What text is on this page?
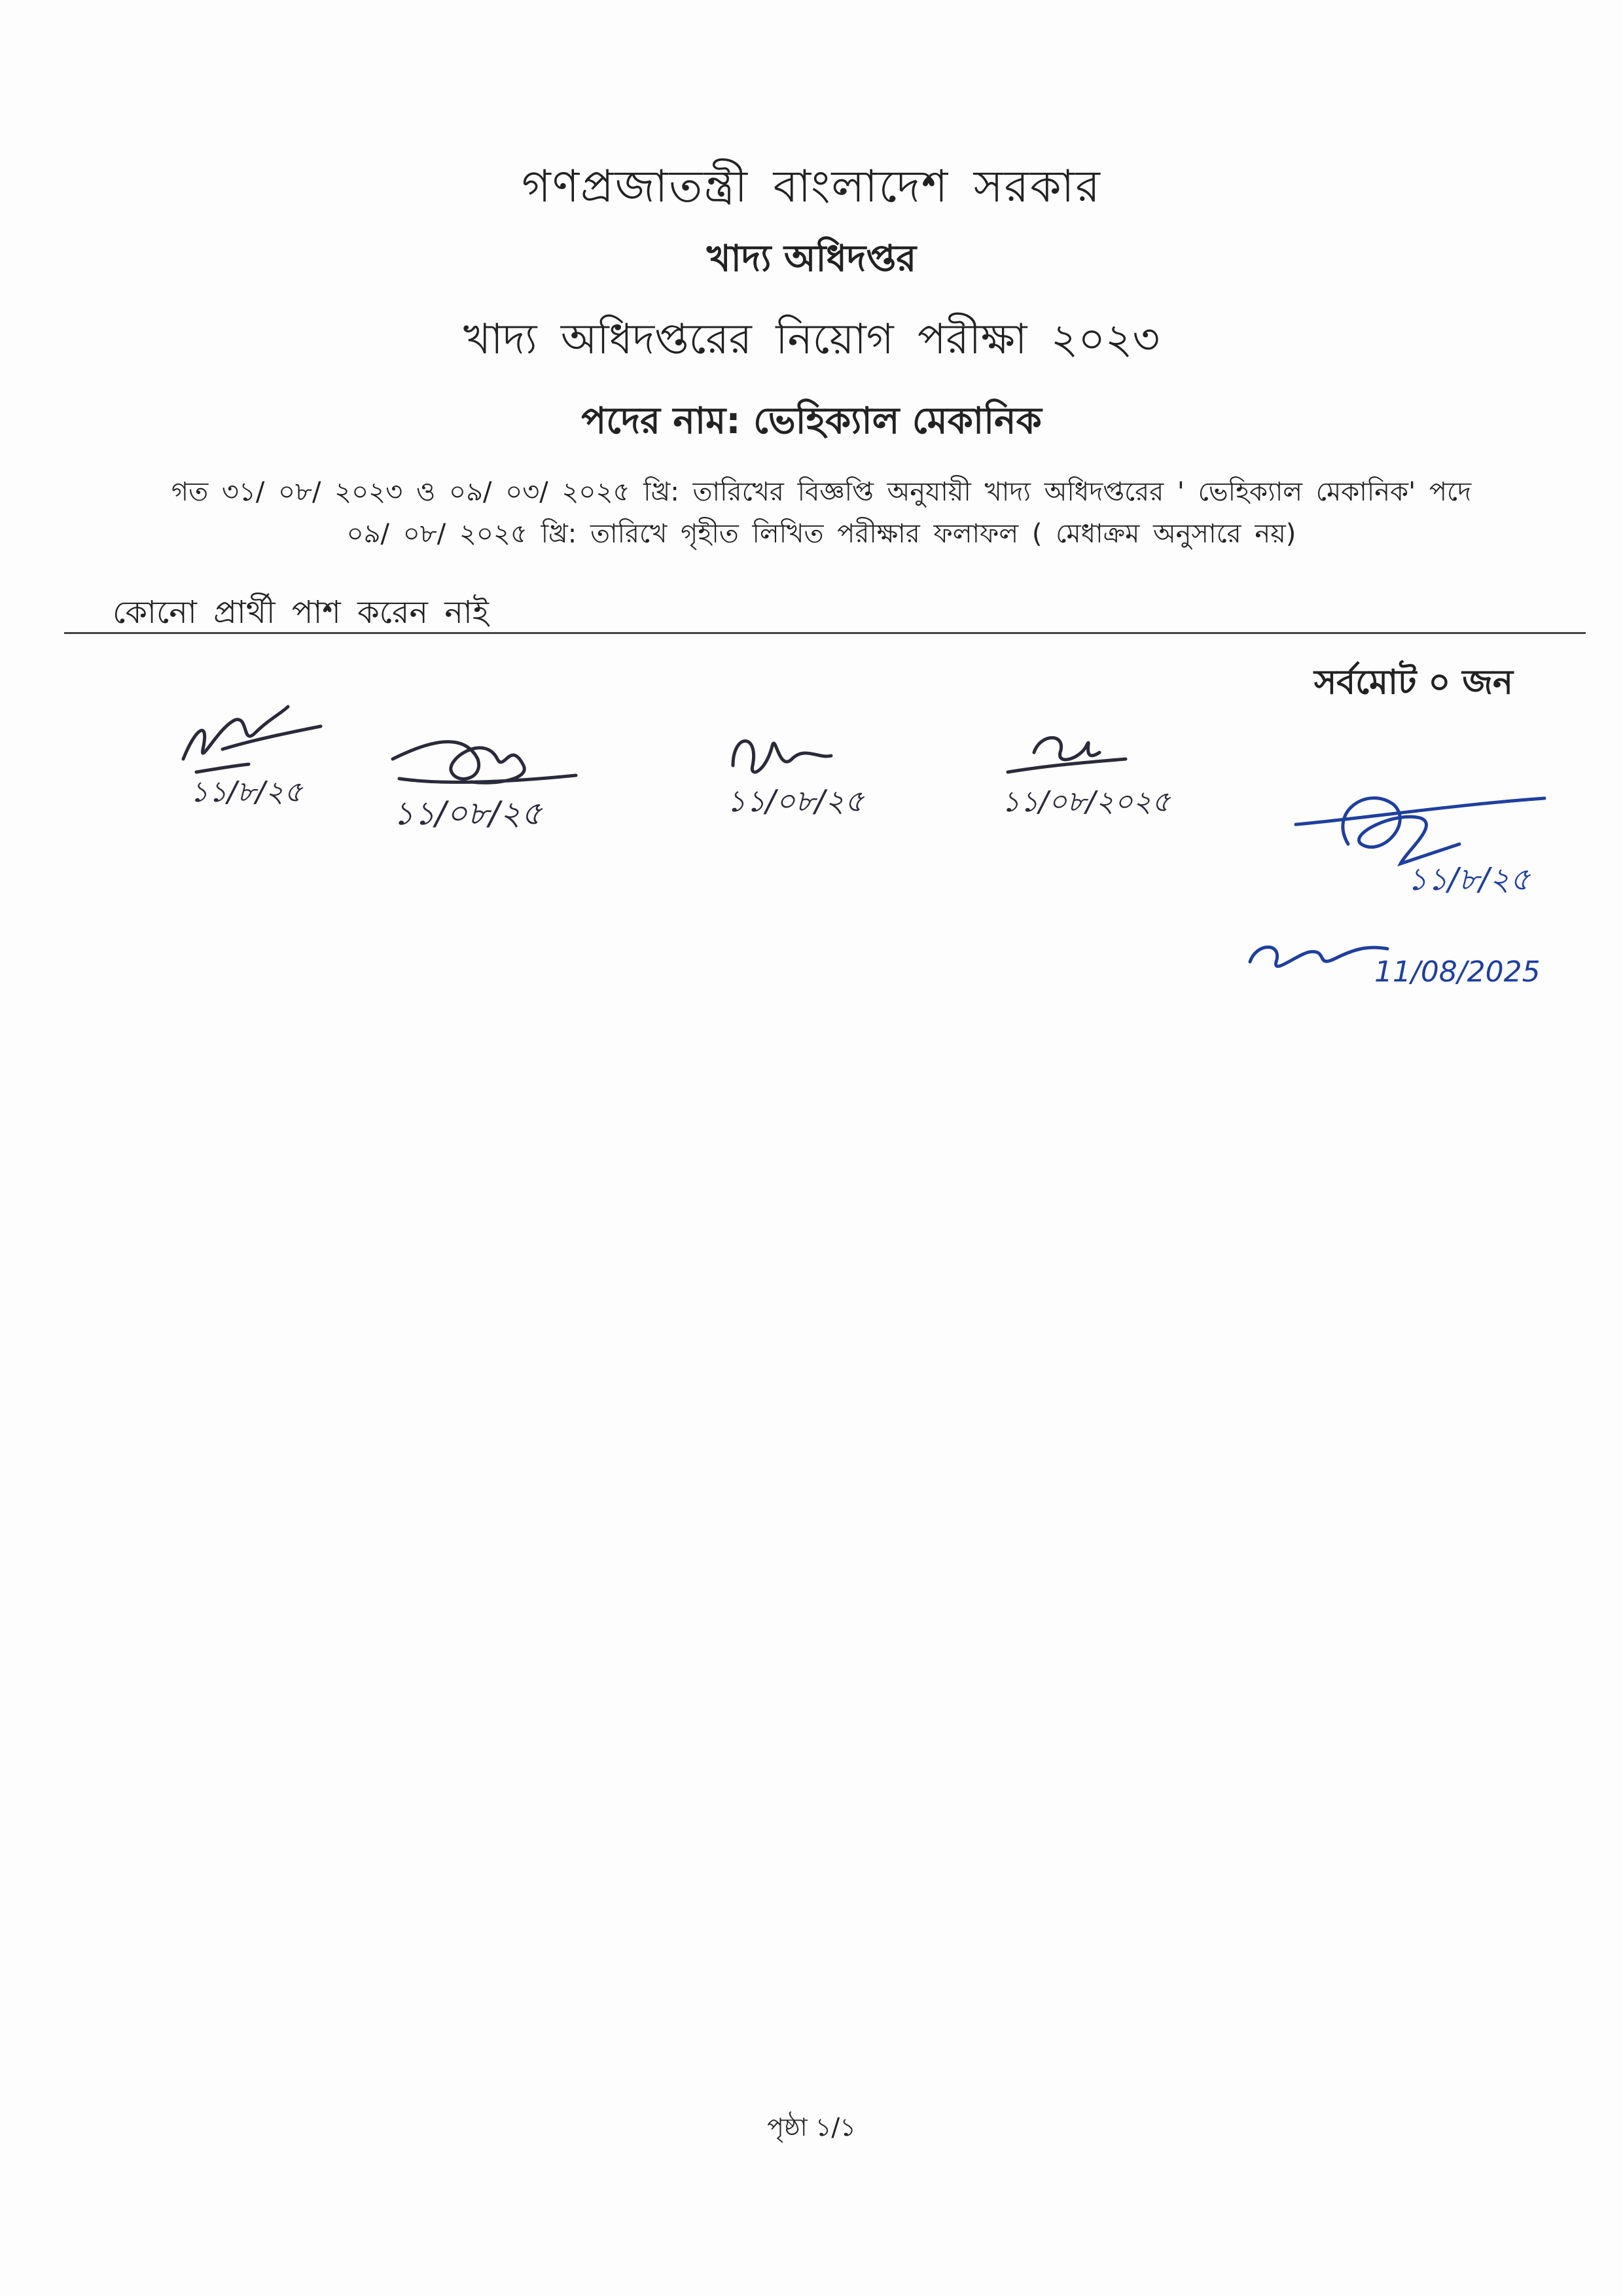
গণপ্রজাতন্ত্রী বাংলাদেশ সরকার
খাদ্য অধিদপ্তর
খাদ্য অধিদপ্তরের নিয়োগ পরীক্ষা ২০২৩
পদের নাম: ভেহিক্যাল মেকানিক
গত ৩১/ ০৮/ ২০২৩ ও ০৯/ ০৩/ ২০২৫ খ্রি: তারিখের বিজ্ঞপ্তি অনুযায়ী খাদ্য অধিদপ্তরের ' ভেহিক্যাল মেকানিক' পদে
০৯/ ০৮/ ২০২৫ খ্রি: তারিখে গৃহীত লিখিত পরীক্ষার ফলাফল ( মেধাক্রম অনুসারে নয়)
কোনো প্রার্থী পাশ করেন নাই
সর্বমোট ০ জন
১১/৮/২৫
১১/০৮/২৫	১১/০৮/২৫	১১/০৮/২০২৫
১১/৮/২৫
11/08/2025
পৃষ্ঠা ১/১
